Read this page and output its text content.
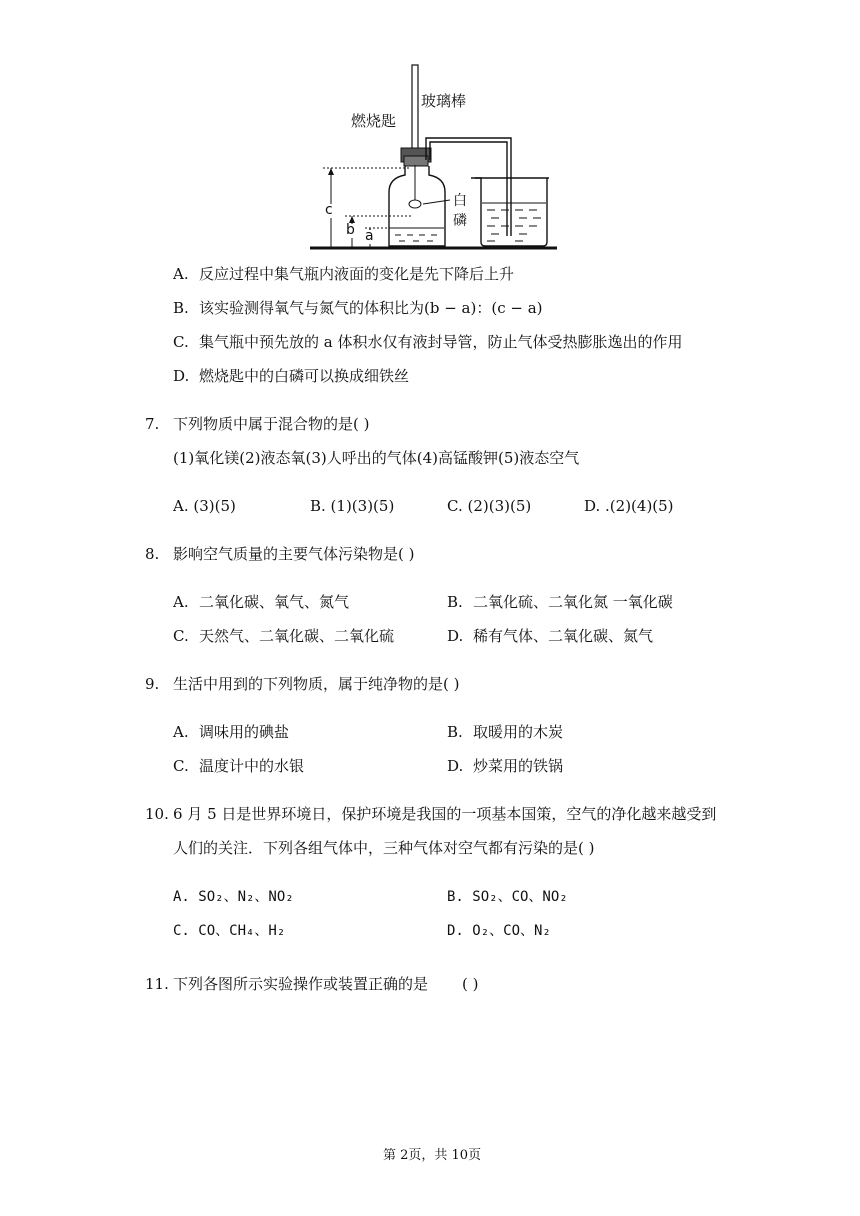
燃烧匙
玻璃棒
白
磷
c
b a
A. 反应过程中集气瓶内液面的变化是先下降后上升
B. 该实验测得氧气与氮气的体积比为(b − a)：(c − a)
C. 集气瓶中预先放的 a 体积水仅有液封导管，防止气体受热膨胀逸出的作用
D. 燃烧匙中的白磷可以换成细铁丝
7. 下列物质中属于混合物的是( )
(1)氧化镁(2)液态氧(3)人呼出的气体(4)高锰酸钾(5)液态空气
A. (3)(5)	B. (1)(3)(5)	C. (2)(3)(5)	D. .(2)(4)(5)
8. 影响空气质量的主要气体污染物是( )
A. 二氧化碳、氧气、氮气	B. 二氧化硫、二氧化氮 一氧化碳
C. 天然气、二氧化碳、二氧化硫	D. 稀有气体、二氧化碳、氮气
9. 生活中用到的下列物质，属于纯净物的是( )
A. 调味用的碘盐	B. 取暖用的木炭
C. 温度计中的水银	D. 炒菜用的铁锅
10. 6 月 5 日是世界环境日，保护环境是我国的一项基本国策，空气的净化越来越受到
人们的关注．下列各组气体中，三种气体对空气都有污染的是( )
A. SO₂、N₂、NO₂	B. SO₂、CO、NO₂
C. CO、CH₄、H₂	D. O₂、CO、N₂
11. 下列各图所示实验操作或装置正确的是 ( )
第 2页，共 10页
